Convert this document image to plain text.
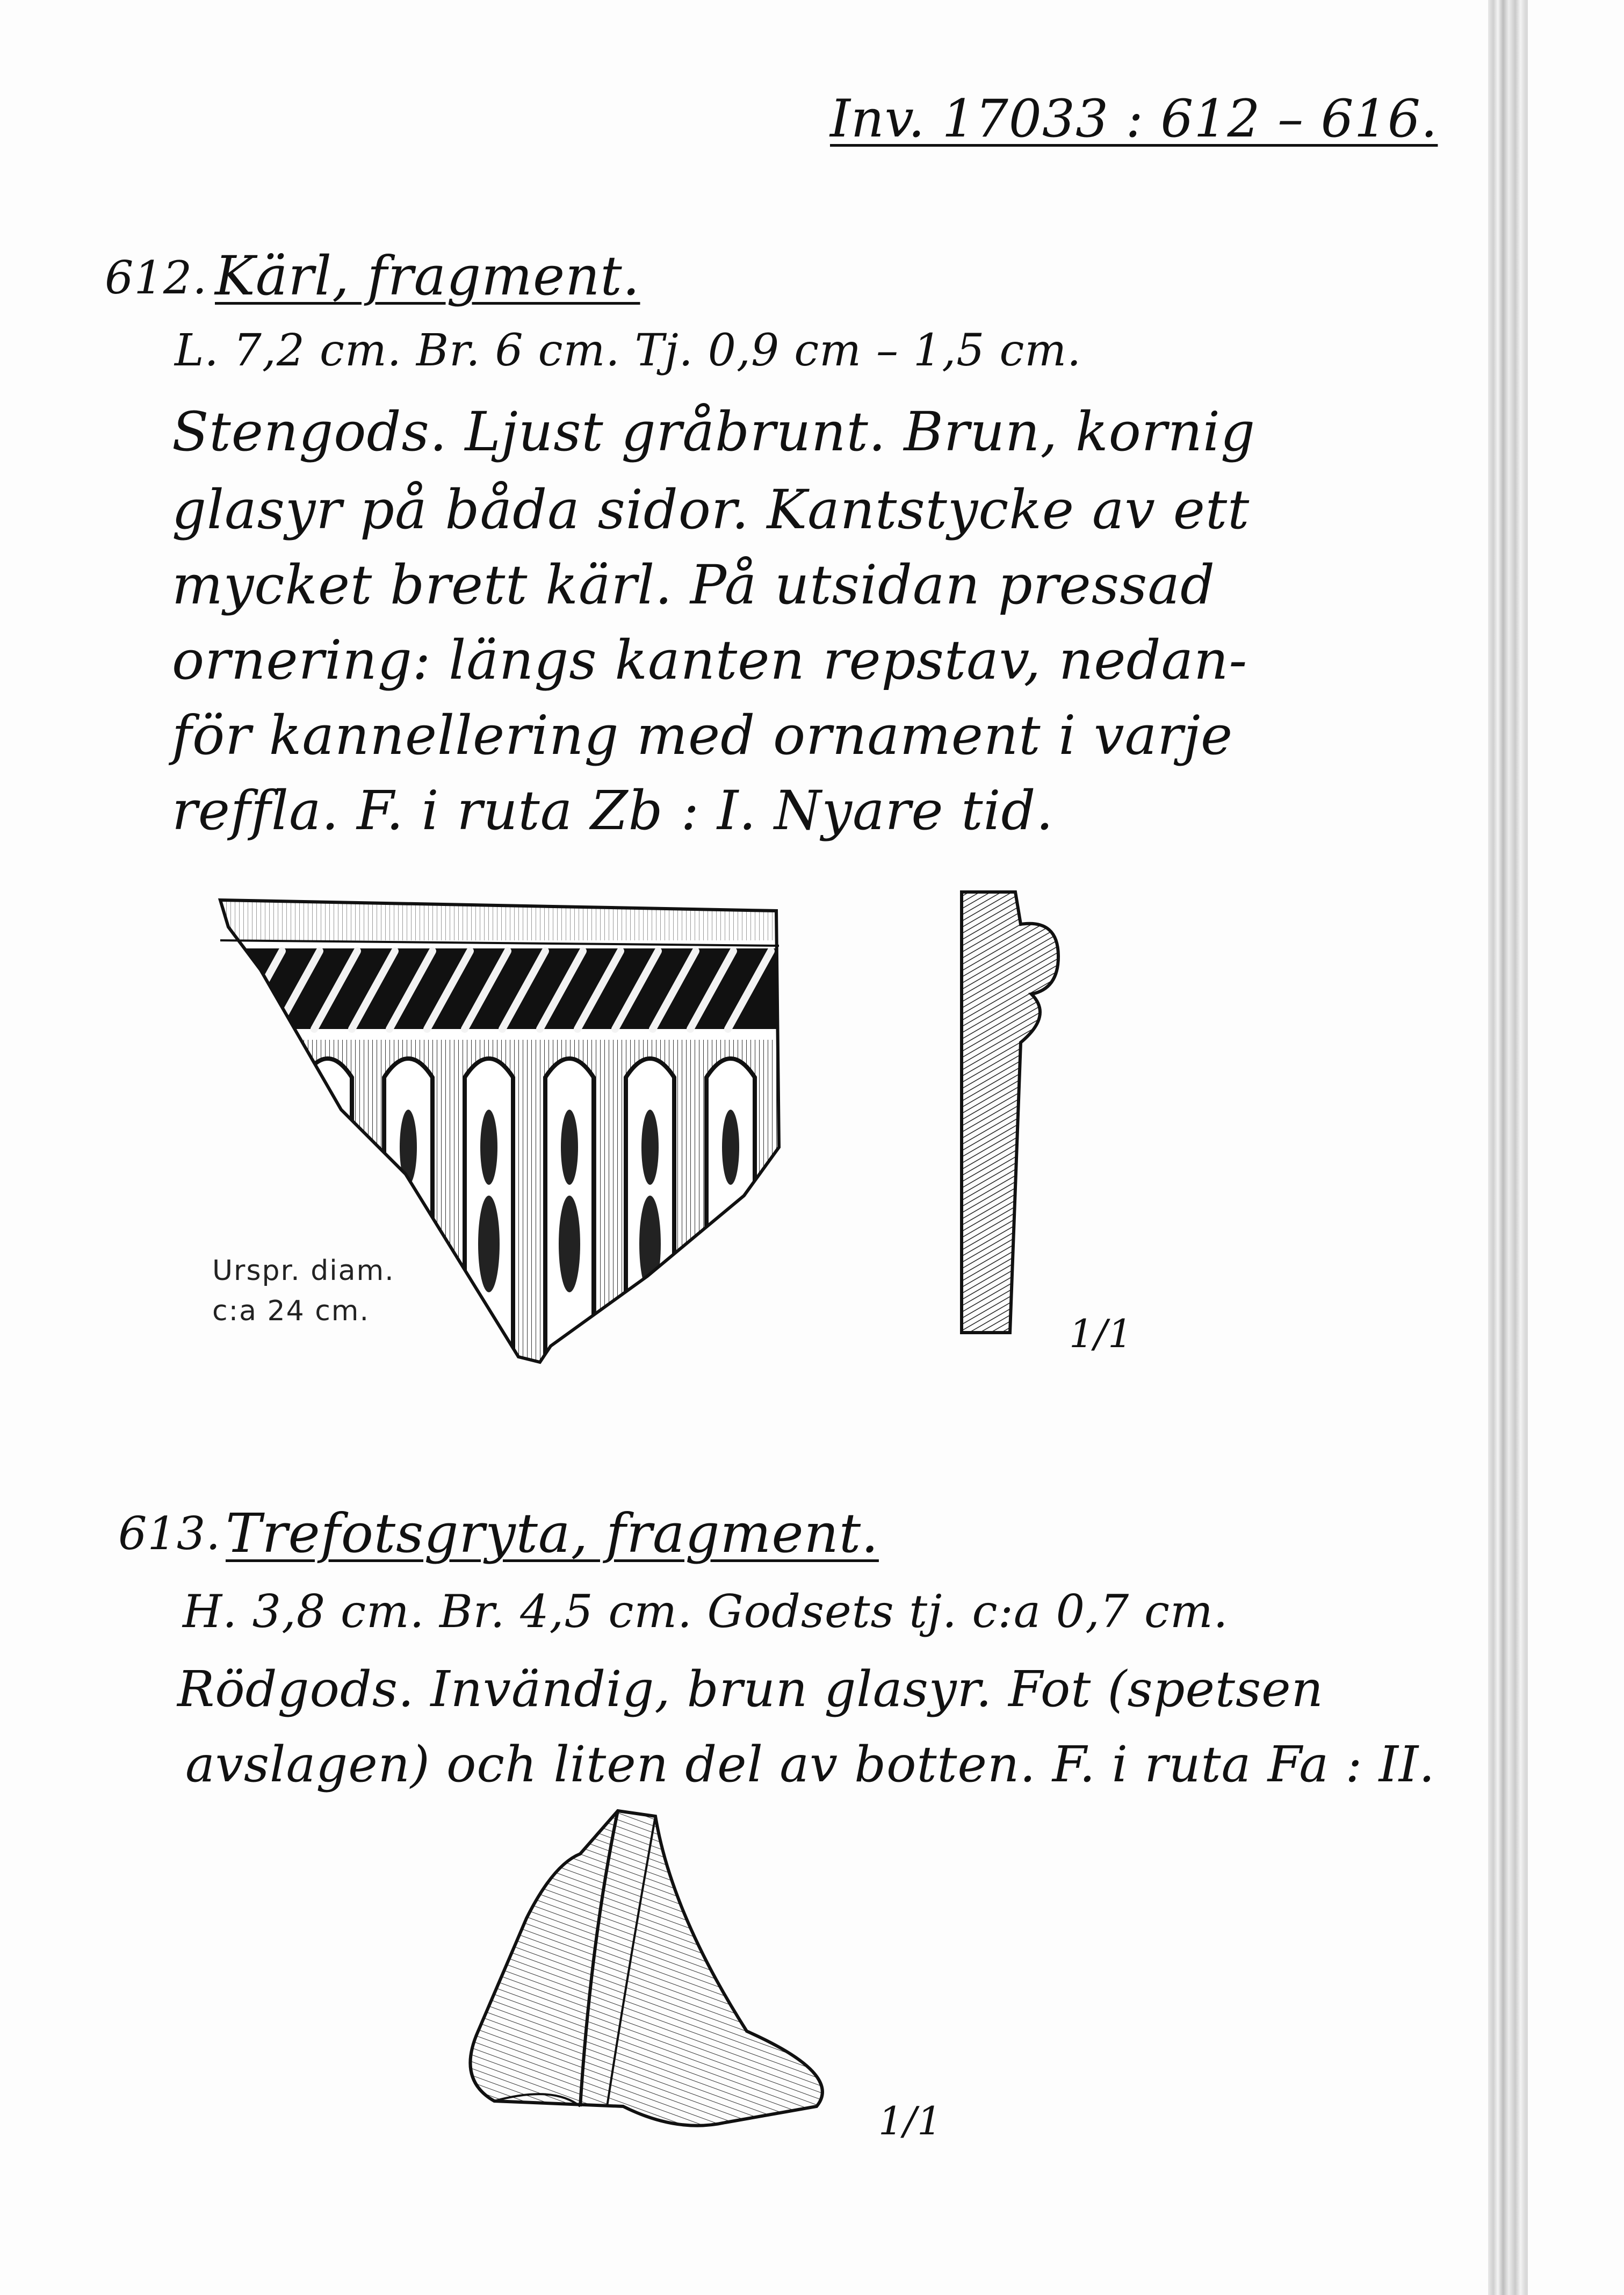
Inv. 17033 : 612 – 616.

612. Kärl, fragment.

L. 7,2 cm. Br. 6 cm. Tj. 0,9 cm – 1,5 cm.

Stengods. Ljust gråbrunt. Brun, kornig

glasyr på båda sidor. Kantstycke av ett

mycket brett kärl. På utsidan pressad

ornering: längs kanten repstav, nedan-

för kannellering med ornament i varje

reffla. F. i ruta Zb : I. Nyare tid.

Urspr. diam.

c:a 24 cm.	1/1

613. Trefotsgryta, fragment.

H. 3,8 cm. Br. 4,5 cm. Godsets tj. c:a 0,7 cm.

Rödgods. Invändig, brun glasyr. Fot (spetsen

avslagen) och liten del av botten. F. i ruta Fa : II.

1/1
